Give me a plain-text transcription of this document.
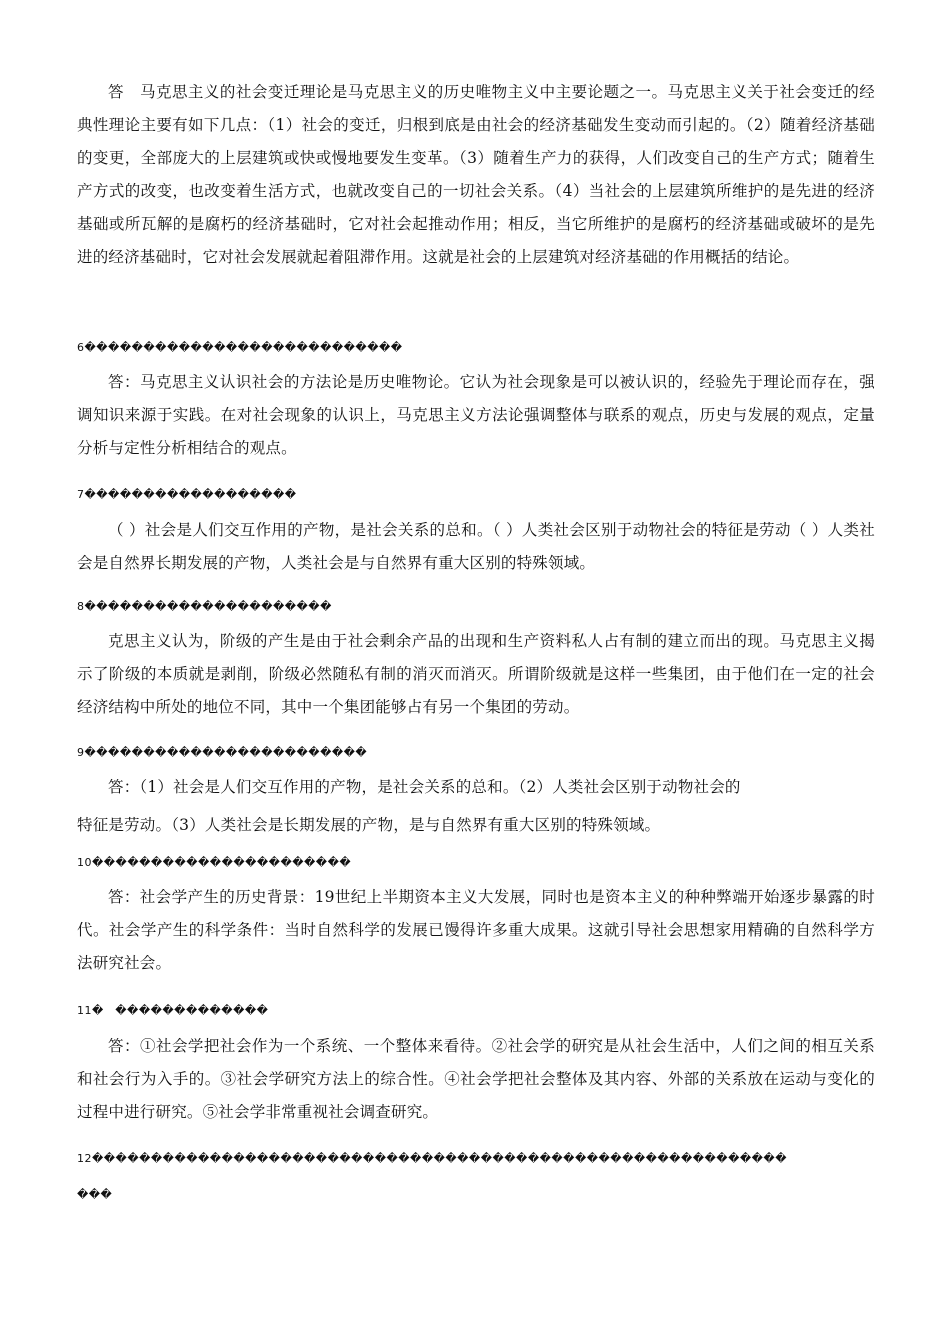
答　马克思主义的社会变迁理论是马克思主义的历史唯物主义中主要论题之一。马克思主义关于社会变迁的经典性理论主要有如下几点：（1）社会的变迁，归根到底是由社会的经济基础发生变动而引起的。（2）随着经济基础的变更，全部庞大的上层建筑或快或慢地要发生变革。（3）随着生产力的获得，人们改变自己的生产方式；随着生产方式的改变，也改变着生活方式，也就改变自己的一切社会关系。（4）当社会的上层建筑所维护的是先进的经济基础或所瓦解的是腐朽的经济基础时，它对社会起推动作用；相反，当它所维护的是腐朽的经济基础或破坏的是先进的经济基础时，它对社会发展就起着阻滞作用。这就是社会的上层建筑对经济基础的作用概括的结论。

6���������������������������

答：马克思主义认识社会的方法论是历史唯物论。它认为社会现象是可以被认识的，经验先于理论而存在，强调知识来源于实践。在对社会现象的认识上，马克思主义方法论强调整体与联系的观点，历史与发展的观点，定量分析与定性分析相结合的观点。

7������������������

（ ）社会是人们交互作用的产物，是社会关系的总和。（ ）人类社会区别于动物社会的特征是劳动（ ）人类社会是自然界长期发展的产物，人类社会是与自然界有重大区别的特殊领域。

8���������������������

克思主义认为，阶级的产生是由于社会剩余产品的出现和生产资料私人占有制的建立而出的现。马克思主义揭示了阶级的本质就是剥削，阶级必然随私有制的消灭而消灭。所谓阶级就是这样一些集团，由于他们在一定的社会经济结构中所处的地位不同，其中一个集团能够占有另一个集团的劳动。

9������������������������

答：（1）社会是人们交互作用的产物，是社会关系的总和。（2）人类社会区别于动物社会的

特征是劳动。（3）人类社会是长期发展的产物，是与自然界有重大区别的特殊领域。

10����������������������

答：社会学产生的历史背景：19世纪上半期资本主义大发展，同时也是资本主义的种种弊端开始逐步暴露的时代。社会学产生的科学条件：当时自然科学的发展已馒得许多重大成果。这就引导社会思想家用精确的自然科学方法研究社会。

11�　�������������

答：①社会学把社会作为一个系统、一个整体来看待。②社会学的研究是从社会生活中，人们之间的相互关系和社会行为入手的。③社会学研究方法上的综合性。④社会学把社会整体及其内容、外部的关系放在运动与变化的过程中进行研究。⑤社会学非常重视社会调查研究。

12�����������������������������������������������������������

���
